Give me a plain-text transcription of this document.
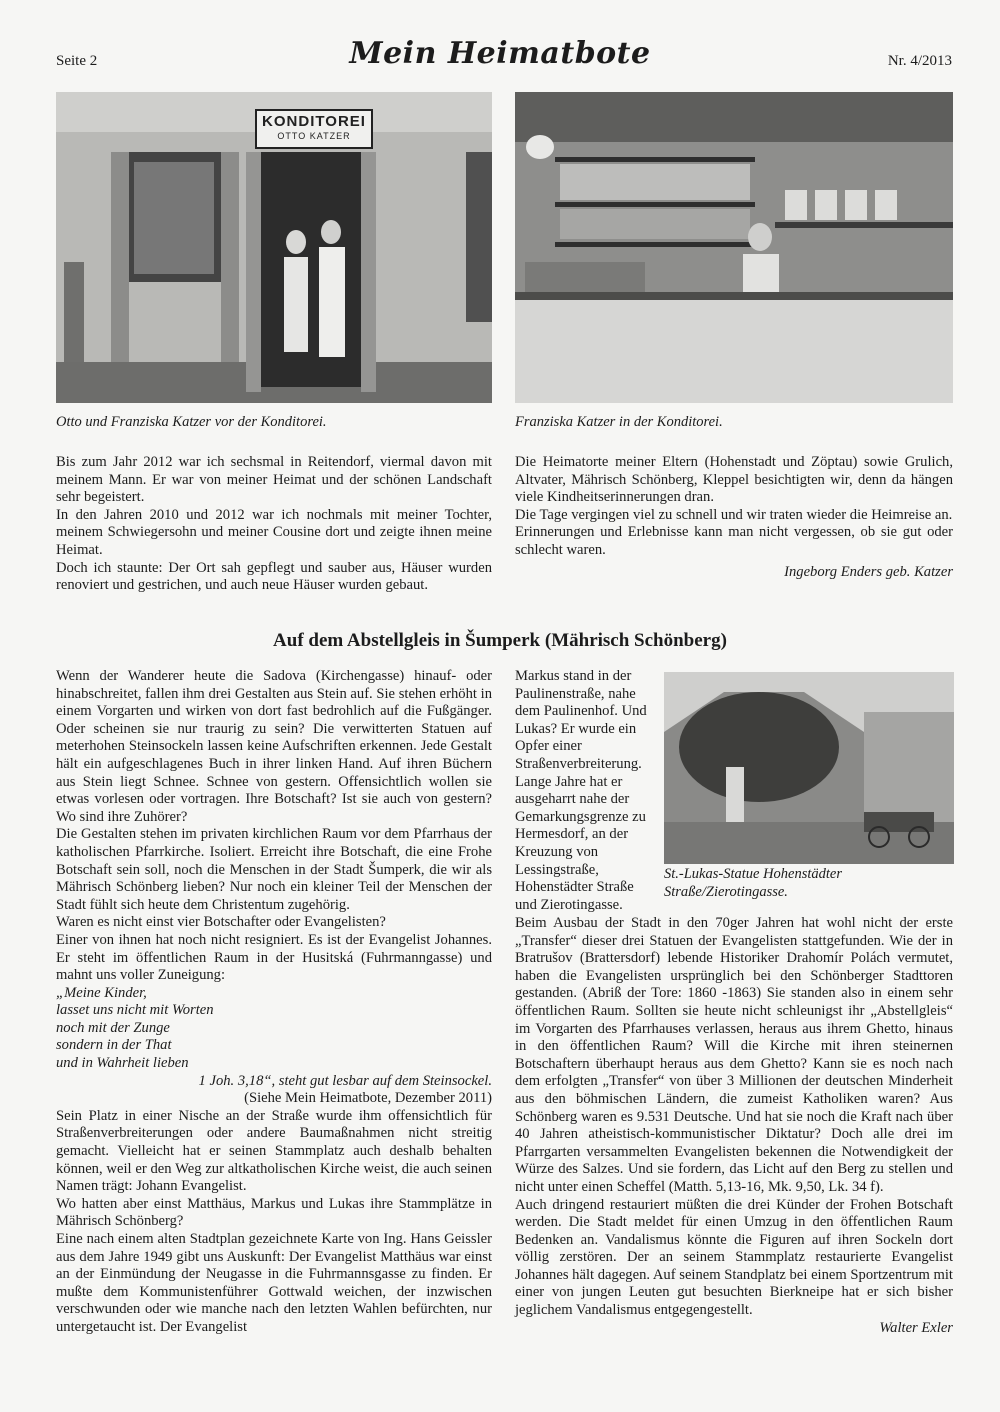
Seite 2	Mein Heimatbote	Nr. 4/2013
KONDITOREI
OTTO KATZER
Otto und Franziska Katzer vor der Konditorei.	Franziska Katzer in der Konditorei.

Bis zum Jahr 2012 war ich sechsmal in Reitendorf, viermal davon mit meinem Mann. Er war von meiner Heimat und der schönen Landschaft sehr begeistert.

In den Jahren 2010 und 2012 war ich nochmals mit meiner Tochter, meinem Schwiegersohn und meiner Cousine dort und zeigte ihnen meine Heimat.

Doch ich staunte: Der Ort sah gepflegt und sauber aus, Häuser wurden renoviert und gestrichen, und auch neue Häuser wurden gebaut.

Die Heimatorte meiner Eltern (Hohenstadt und Zöptau) sowie Grulich, Altvater, Mährisch Schönberg, Kleppel besichtigten wir, denn da hängen viele Kindheitserinnerungen dran.

Die Tage vergingen viel zu schnell und wir traten wieder die Heimreise an.

Erinnerungen und Erlebnisse kann man nicht vergessen, ob sie gut oder schlecht waren.

Ingeborg Enders geb. Katzer
Auf dem Abstellgleis in Šumperk (Mährisch Schönberg)

Wenn der Wanderer heute die Sadova (Kirchengasse) hinauf- oder hinabschreitet, fallen ihm drei Gestalten aus Stein auf. Sie stehen erhöht in einem Vorgarten und wirken von dort fast bedrohlich auf die Fußgänger. Oder scheinen sie nur traurig zu sein? Die verwitterten Statuen auf meterhohen Steinsockeln lassen keine Aufschriften erkennen. Jede Gestalt hält ein aufgeschlagenes Buch in ihrer linken Hand. Auf ihren Büchern aus Stein liegt Schnee. Schnee von gestern. Offensichtlich wollen sie etwas vorlesen oder vortragen. Ihre Botschaft? Ist sie auch von gestern? Wo sind ihre Zuhörer?

Die Gestalten stehen im privaten kirchlichen Raum vor dem Pfarrhaus der katholischen Pfarrkirche. Isoliert. Erreicht ihre Botschaft, die eine Frohe Botschaft sein soll, noch die Menschen in der Stadt Šumperk, die wir als Mährisch Schönberg lieben? Nur noch ein kleiner Teil der Menschen der Stadt fühlt sich heute dem Christentum zugehörig.

Waren es nicht einst vier Botschafter oder Evangelisten?

Einer von ihnen hat noch nicht resigniert. Es ist der Evangelist Johannes. Er steht im öffentlichen Raum in der Husitská (Fuhrmanngasse) und mahnt uns voller Zuneigung:

„Meine Kinder,

lasset uns nicht mit Worten

noch mit der Zunge

sondern in der That

und in Wahrheit lieben

1 Joh. 3,18“, steht gut lesbar auf dem Steinsockel.

(Siehe Mein Heimatbote, Dezember 2011)

Sein Platz in einer Nische an der Straße wurde ihm offensichtlich für Straßenverbreiterungen oder andere Baumaßnahmen nicht streitig gemacht. Vielleicht hat er seinen Stammplatz auch deshalb behalten können, weil er den Weg zur altkatholischen Kirche weist, die auch seinen Namen trägt: Johann Evangelist.

Wo hatten aber einst Matthäus, Markus und Lukas ihre Stammplätze in Mährisch Schönberg?

Eine nach einem alten Stadtplan gezeichnete Karte von Ing. Hans Geissler aus dem Jahre 1949 gibt uns Auskunft: Der Evangelist Matthäus war einst an der Einmündung der Neugasse in die Fuhrmannsgasse zu finden. Er mußte dem Kommunistenführer Gottwald weichen, der inzwischen verschwunden oder wie manche nach den letzten Wahlen befürchten, nur untergetaucht ist. Der Evangelist

Markus stand in der Paulinenstraße, nahe dem Paulinenhof. Und Lukas? Er wurde ein Opfer einer Straßenverbreiterung. Lange Jahre hat er ausgeharrt nahe der Gemarkungsgrenze zu Hermesdorf, an der Kreuzung von Lessingstraße, Hohenstädter Straße und Zierotingasse.
St.-Lukas-Statue Hohenstädter Straße/Zierotingasse.

Beim Ausbau der Stadt in den 70ger Jahren hat wohl nicht der erste „Transfer“ dieser drei Statuen der Evangelisten stattgefunden. Wie der in Bratrušov (Brattersdorf) lebende Historiker Drahomír Polách vermutet, haben die Evangelisten ursprünglich bei den Schönberger Stadttoren gestanden. (Abriß der Tore: 1860 -1863) Sie standen also in einem sehr öffentlichen Raum. Sollten sie heute nicht schleunigst ihr „Abstellgleis“ im Vorgarten des Pfarrhauses verlassen, heraus aus ihrem Ghetto, hinaus in den öffentlichen Raum? Will die Kirche mit ihren steinernen Botschaftern überhaupt heraus aus dem Ghetto? Kann sie es noch nach dem erfolgten „Transfer“ von über 3 Millionen der deutschen Minderheit aus den böhmischen Ländern, die zumeist Katholiken waren? Aus Schönberg waren es 9.531 Deutsche. Und hat sie noch die Kraft nach über 40 Jahren atheistisch-kommunistischer Diktatur? Doch alle drei im Pfarrgarten versammelten Evangelisten bekennen die Notwendigkeit der Würze des Salzes. Und sie fordern, das Licht auf den Berg zu stellen und nicht unter einen Scheffel (Matth. 5,13-16, Mk. 9,50, Lk. 34 f).

Auch dringend restauriert müßten die drei Künder der Frohen Botschaft werden. Die Stadt meldet für einen Umzug in den öffentlichen Raum Bedenken an. Vandalismus könnte die Figuren auf ihren Sockeln dort völlig zerstören. Der an seinem Stammplatz restaurierte Evangelist Johannes hält dagegen. Auf seinem Standplatz bei einem Sportzentrum mit einer von jungen Leuten gut besuchten Bierkneipe hat er sich bisher jeglichem Vandalismus entgegengestellt.

Walter Exler
